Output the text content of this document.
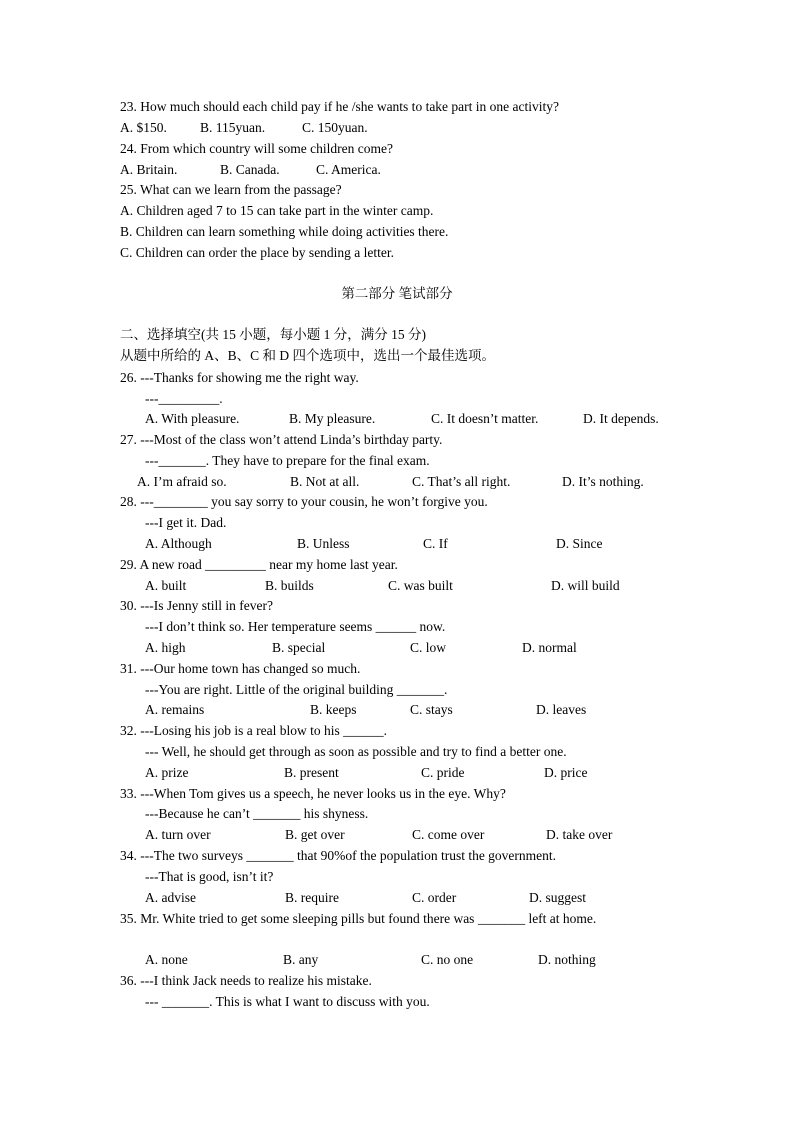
23. How much should each child pay if he /she wants to take part in one activity?
A. $150. B. 115yuan.	C. 150yuan.
24. From which country will some children come?
A. Britain.	B. Canada.	C. America.
25. What can we learn from the passage?
A. Children aged 7 to 15 can take part in the winter camp.
B. Children can learn something while doing activities there.
C. Children can order the place by sending a letter.
第二部分 笔试部分
二、选择填空(共 15 小题，每小题 1 分，满分 15 分)
从题中所给的 A、B、C 和 D 四个选项中，选出一个最佳选项。
26. ---Thanks for showing me the right way.
---_________.
A. With pleasure.	B. My pleasure.	C. It doesn’t matter.	D. It depends.
27. ---Most of the class won’t attend Linda’s birthday party.
---_______. They have to prepare for the final exam.
A. I’m afraid so.	B. Not at all.	C. That’s all right.	D. It’s nothing.
28. ---________ you say sorry to your cousin, he won’t forgive you.
---I get it. Dad.
A. Although	B. Unless	C. If	D. Since
29. A new road _________ near my home last year.
A. built	B. builds	C. was built	D. will build
30. ---Is Jenny still in fever?
---I don’t think so. Her temperature seems ______ now.
A. high	B. special	C. low	D. normal
31. ---Our home town has changed so much.
---You are right. Little of the original building _______.
A. remains	B. keeps	C. stays	D. leaves
32. ---Losing his job is a real blow to his ______.
--- Well, he should get through as soon as possible and try to find a better one.
A. prize	B. present	C. pride	D. price
33. ---When Tom gives us a speech, he never looks us in the eye. Why?
---Because he can’t _______ his shyness.
A. turn over	B. get over	C. come over	D. take over
34. ---The two surveys _______ that 90%of the population trust the government.
---That is good, isn’t it?
A. advise	B. require	C. order	D. suggest
35. Mr. White tried to get some sleeping pills but found there was _______ left at home.
A. none	B. any	C. no one	D. nothing
36. ---I think Jack needs to realize his mistake.
--- _______. This is what I want to discuss with you.
